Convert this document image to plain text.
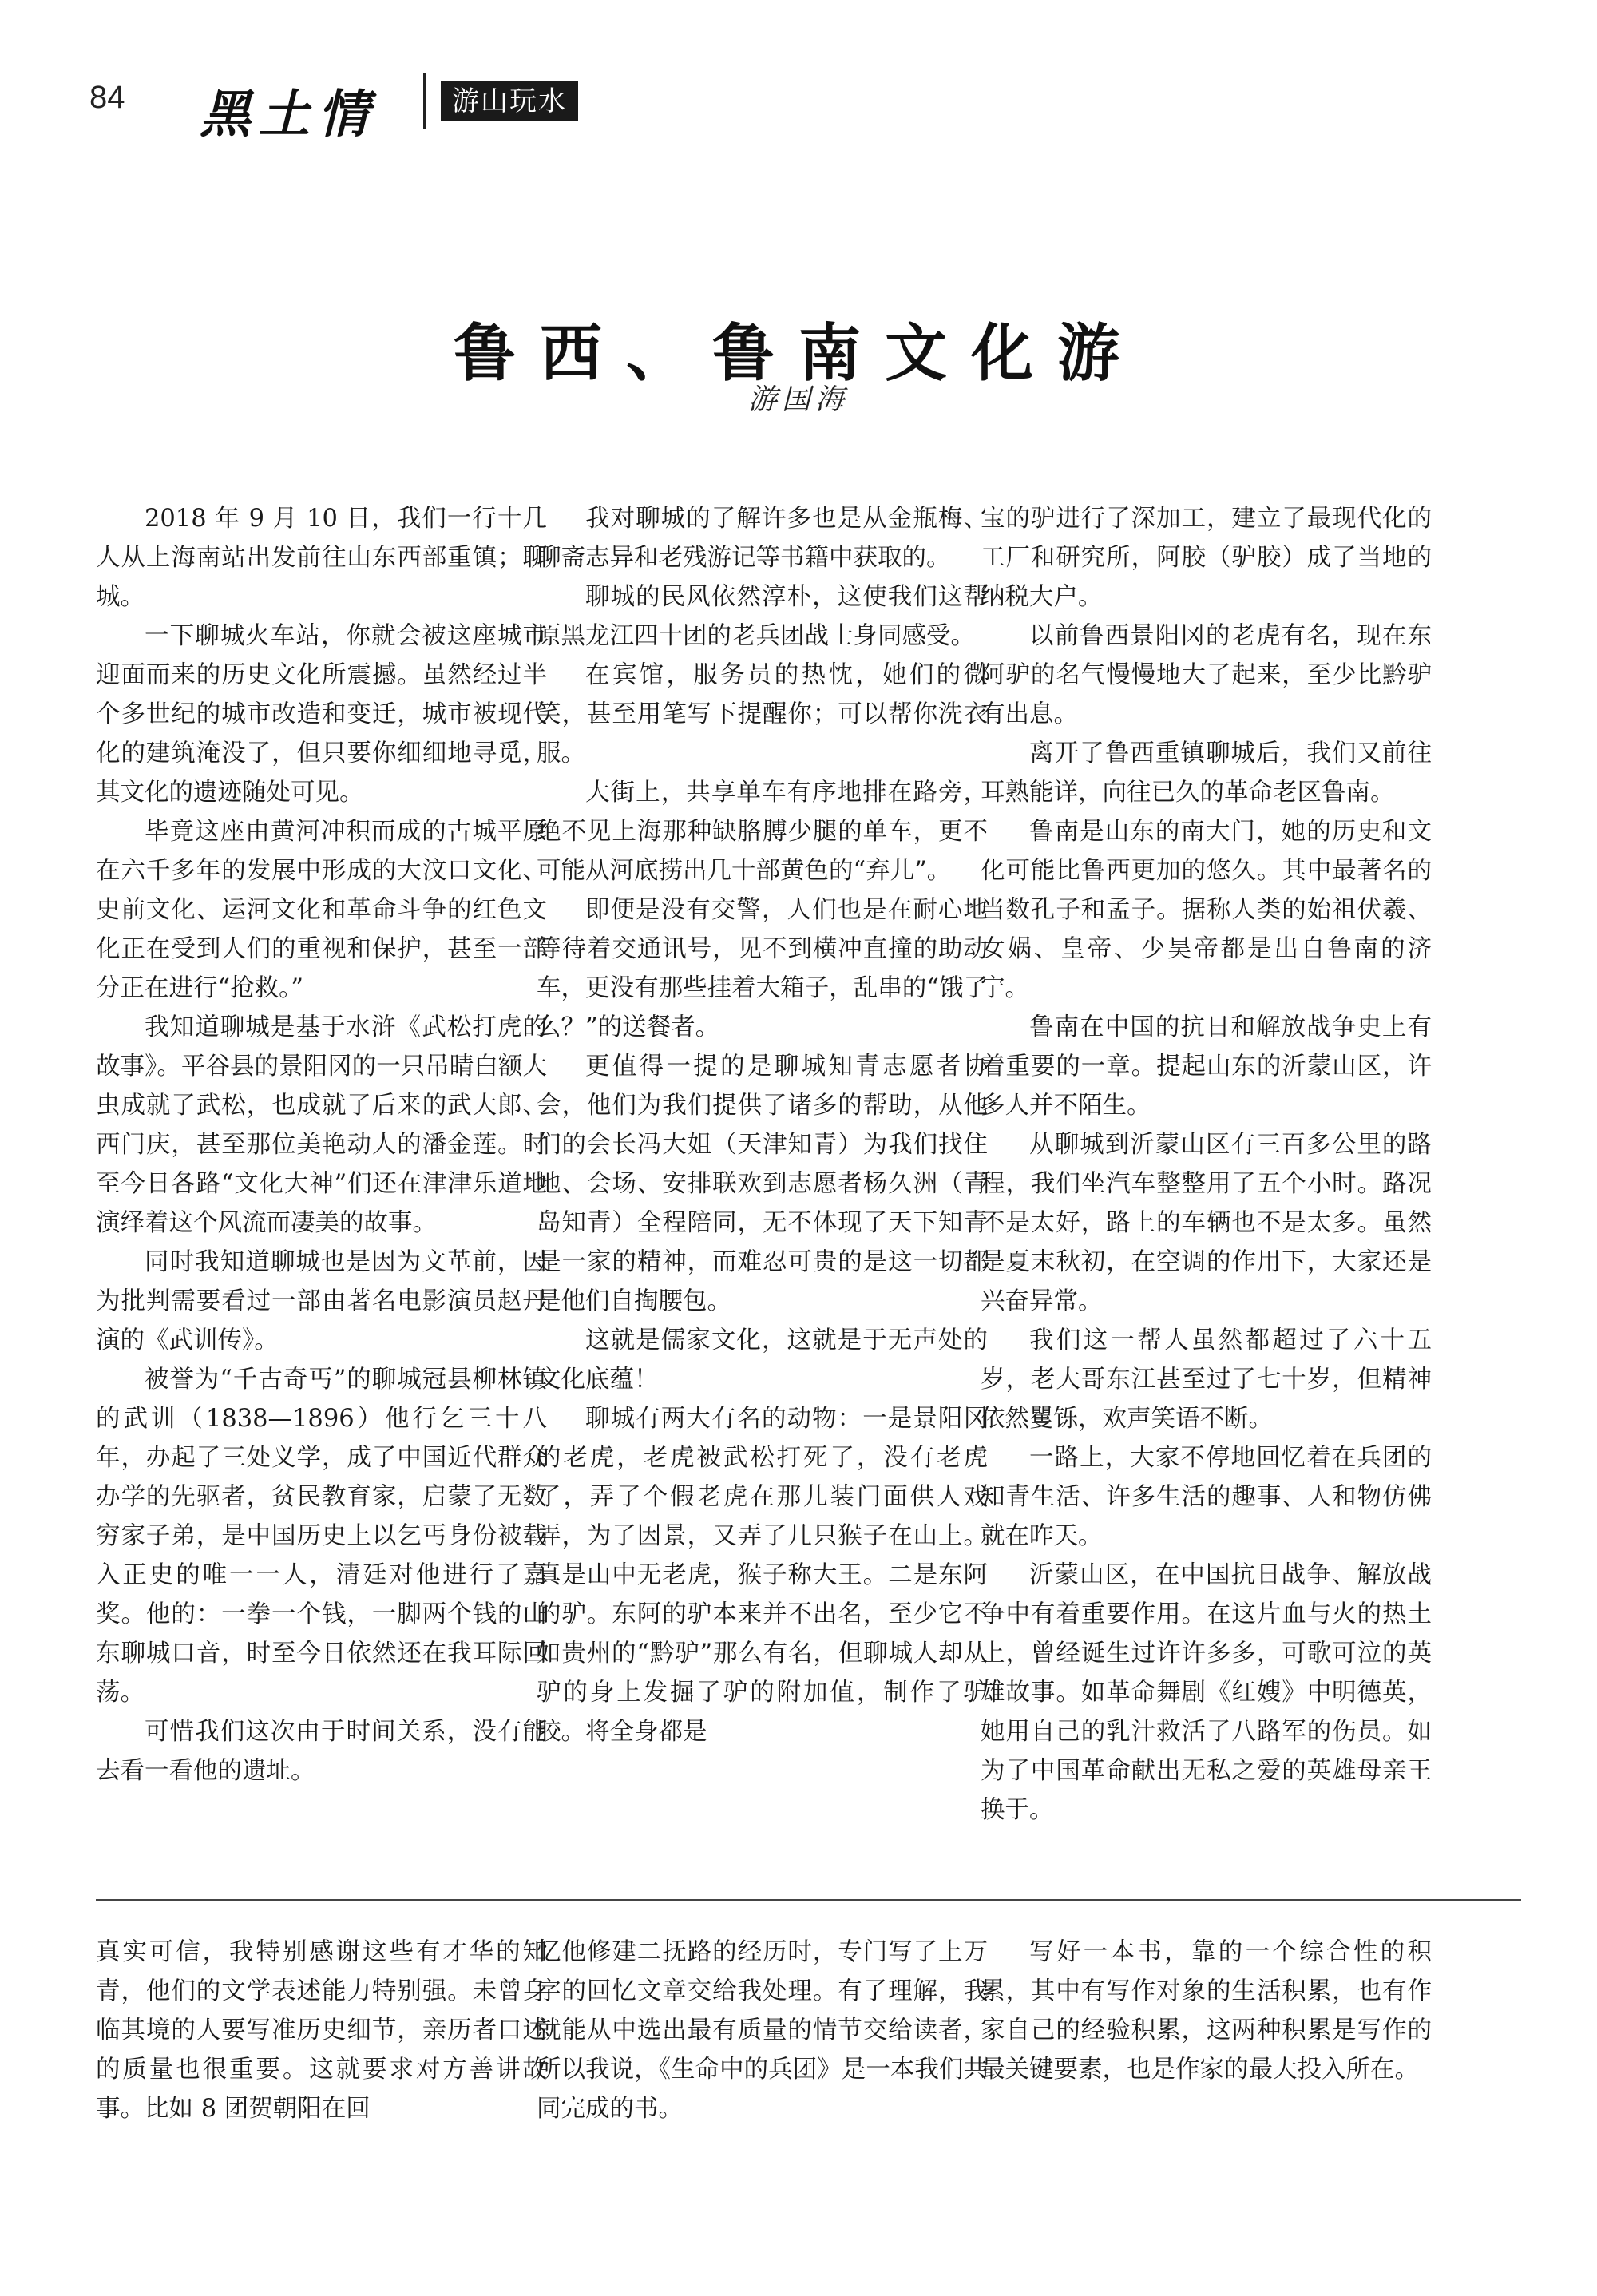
84 黑土情	游山玩水
鲁西、鲁南文化游
游国海

2018 年 9 月 10 日，我们一行十几人从上海南站出发前往山东西部重镇；聊城。

一下聊城火车站，你就会被这座城市迎面而来的历史文化所震撼。虽然经过半个多世纪的城市改造和变迁，城市被现代化的建筑淹没了，但只要你细细地寻觅，其文化的遗迹随处可见。

毕竟这座由黄河冲积而成的古城平原在六千多年的发展中形成的大汶口文化、史前文化、运河文化和革命斗争的红色文化正在受到人们的重视和保护，甚至一部分正在进行“抢救。”

我知道聊城是基于水浒《武松打虎的故事》。平谷县的景阳冈的一只吊睛白额大虫成就了武松，也成就了后来的武大郎、西门庆，甚至那位美艳动人的潘金莲。时至今日各路“文化大神”们还在津津乐道地演绎着这个风流而凄美的故事。

同时我知道聊城也是因为文革前，因为批判需要看过一部由著名电影演员赵丹演的《武训传》。

被誉为“千古奇丐”的聊城冠县柳林镇的武训（1838—1896）他行乞三十八年，办起了三处义学，成了中国近代群众办学的先驱者，贫民教育家，启蒙了无数穷家子弟，是中国历史上以乞丐身份被载入正史的唯一一人，清廷对他进行了嘉奖。他的：一拳一个钱，一脚两个钱的山东聊城口音，时至今日依然还在我耳际回荡。

可惜我们这次由于时间关系，没有能去看一看他的遗址。

我对聊城的了解许多也是从金瓶梅、聊斋志异和老残游记等书籍中获取的。

聊城的民风依然淳朴，这使我们这帮原黑龙江四十团的老兵团战士身同感受。

在宾馆，服务员的热忱，她们的微笑，甚至用笔写下提醒你；可以帮你洗衣服。

大街上，共享单车有序地排在路旁，绝不见上海那种缺胳膊少腿的单车，更不可能从河底捞出几十部黄色的“弃儿”。

即便是没有交警，人们也是在耐心地等待着交通讯号，见不到横冲直撞的助动车，更没有那些挂着大箱子，乱串的“饿了么？”的送餐者。

更值得一提的是聊城知青志愿者协会，他们为我们提供了诸多的帮助，从他们的会长冯大姐（天津知青）为我们找住地、会场、安排联欢到志愿者杨久洲（青岛知青）全程陪同，无不体现了天下知青是一家的精神，而难忍可贵的是这一切都是他们自掏腰包。

这就是儒家文化，这就是于无声处的文化底蕴！

聊城有两大有名的动物：一是景阳冈的老虎，老虎被武松打死了，没有老虎了，弄了个假老虎在那儿装门面供人戏弄，为了因景，又弄了几只猴子在山上。真是山中无老虎，猴子称大王。二是东阿的驴。东阿的驴本来并不出名，至少它不如贵州的“黔驴”那么有名，但聊城人却从驴的身上发掘了驴的附加值，制作了驴胶。将全身都是

宝的驴进行了深加工，建立了最现代化的工厂和研究所，阿胶（驴胶）成了当地的纳税大户。

以前鲁西景阳冈的老虎有名，现在东阿驴的名气慢慢地大了起来，至少比黔驴有出息。

离开了鲁西重镇聊城后，我们又前往耳熟能详，向往已久的革命老区鲁南。

鲁南是山东的南大门，她的历史和文化可能比鲁西更加的悠久。其中最著名的当数孔子和孟子。据称人类的始祖伏羲、女娲、皇帝、少昊帝都是出自鲁南的济宁。

鲁南在中国的抗日和解放战争史上有着重要的一章。提起山东的沂蒙山区，许多人并不陌生。

从聊城到沂蒙山区有三百多公里的路程，我们坐汽车整整用了五个小时。路况不是太好，路上的车辆也不是太多。虽然是夏末秋初，在空调的作用下，大家还是兴奋异常。

我们这一帮人虽然都超过了六十五岁，老大哥东江甚至过了七十岁，但精神依然矍铄，欢声笑语不断。

一路上，大家不停地回忆着在兵团的知青生活、许多生活的趣事、人和物仿佛就在昨天。

沂蒙山区，在中国抗日战争、解放战争中有着重要作用。在这片血与火的热土上，曾经诞生过许许多多，可歌可泣的英雄故事。如革命舞剧《红嫂》中明德英，她用自己的乳汁救活了八路军的伤员。如为了中国革命献出无私之爱的英雄母亲王换于。

真实可信，我特别感谢这些有才华的知青，他们的文学表述能力特别强。未曾身临其境的人要写准历史细节，亲历者口述的质量也很重要。这就要求对方善讲故事。比如 8 团贺朝阳在回

忆他修建二抚路的经历时，专门写了上万字的回忆文章交给我处理。有了理解，我就能从中选出最有质量的情节交给读者，所以我说，《生命中的兵团》是一本我们共同完成的书。

写好一本书，靠的一个综合性的积累，其中有写作对象的生活积累，也有作家自己的经验积累，这两种积累是写作的最关键要素，也是作家的最大投入所在。
